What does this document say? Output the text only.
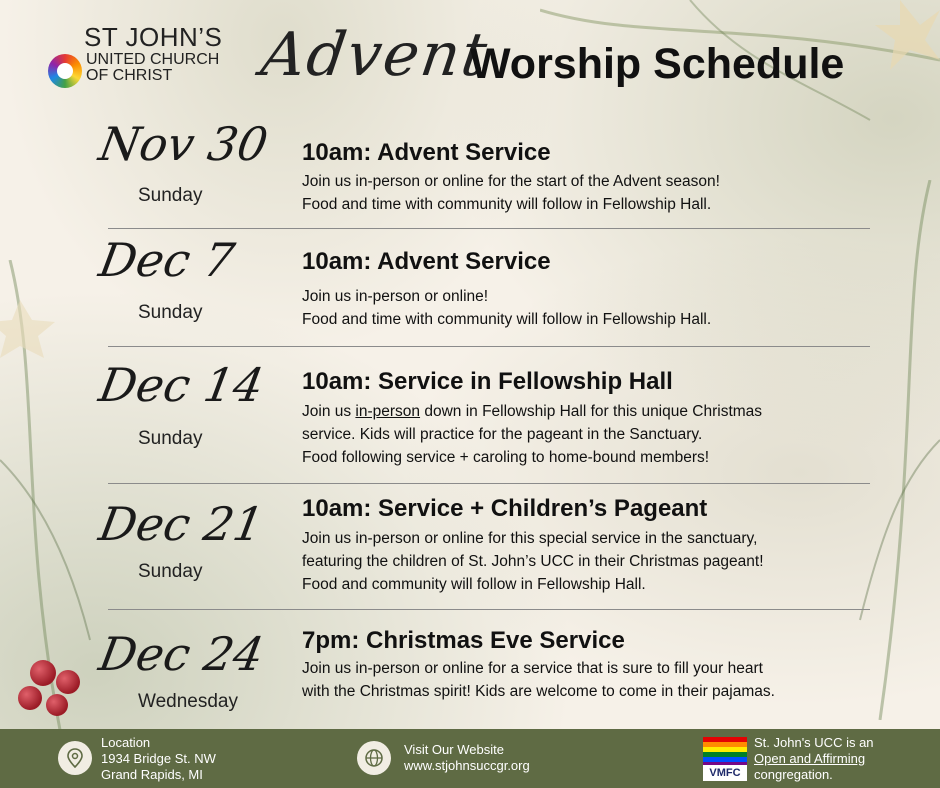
ST JOHN’S
UNITED CHURCH
OF CHRIST Advent
Worship Schedule
Nov 30
Sunday
10am: Advent Service
Join us in-person or online for the start of the Advent season!
Food and time with community will follow in Fellowship Hall.
Dec 7
Sunday
10am: Advent Service
Join us in-person or online!
Food and time with community will follow in Fellowship Hall.
Dec 14
Sunday
10am: Service in Fellowship Hall
Join us in-person down in Fellowship Hall for this unique Christmas
service. Kids will practice for the pageant in the Sanctuary.
Food following service + caroling to home-bound members!
Dec 21
Sunday
10am: Service + Children’s Pageant
Join us in-person or online for this special service in the sanctuary,
featuring the children of St. John’s UCC in their Christmas pageant!
Food and community will follow in Fellowship Hall.
Dec 24
Wednesday
7pm: Christmas Eve Service
Join us in-person or online for a service that is sure to fill your heart
with the Christmas spirit! Kids are welcome to come in their pajamas.
Location
1934 Bridge St. NW
Grand Rapids, MI
Visit Our Website
www.stjohnsuccgr.org	VMFC
St. John's UCC is an
Open and Affirming
congregation.
